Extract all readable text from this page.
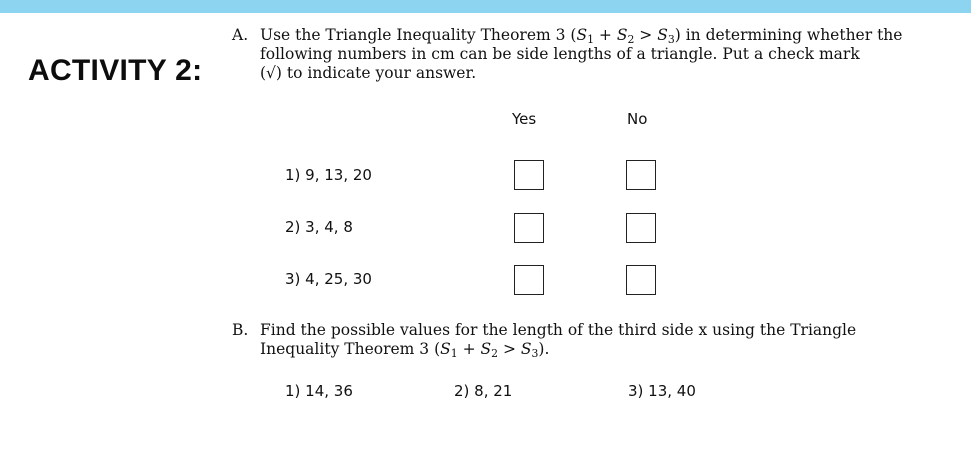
ACTIVITY 2:
A. Use the Triangle Inequality Theorem 3 $(S_1 + S_2 > S_3)$ in determining whether the
following numbers in cm can be side lengths of a triangle. Put a check mark
(√) to indicate your answer.
Yes	No
1) 9, 13, 20
2) 3, 4, 8
3) 4, 25, 30
B. Find the possible values for the length of the third side x using the Triangle
Inequality Theorem 3 $(S_1 + S_2 > S_3)$.
1) 14, 36	2) 8, 21	3) 13, 40
